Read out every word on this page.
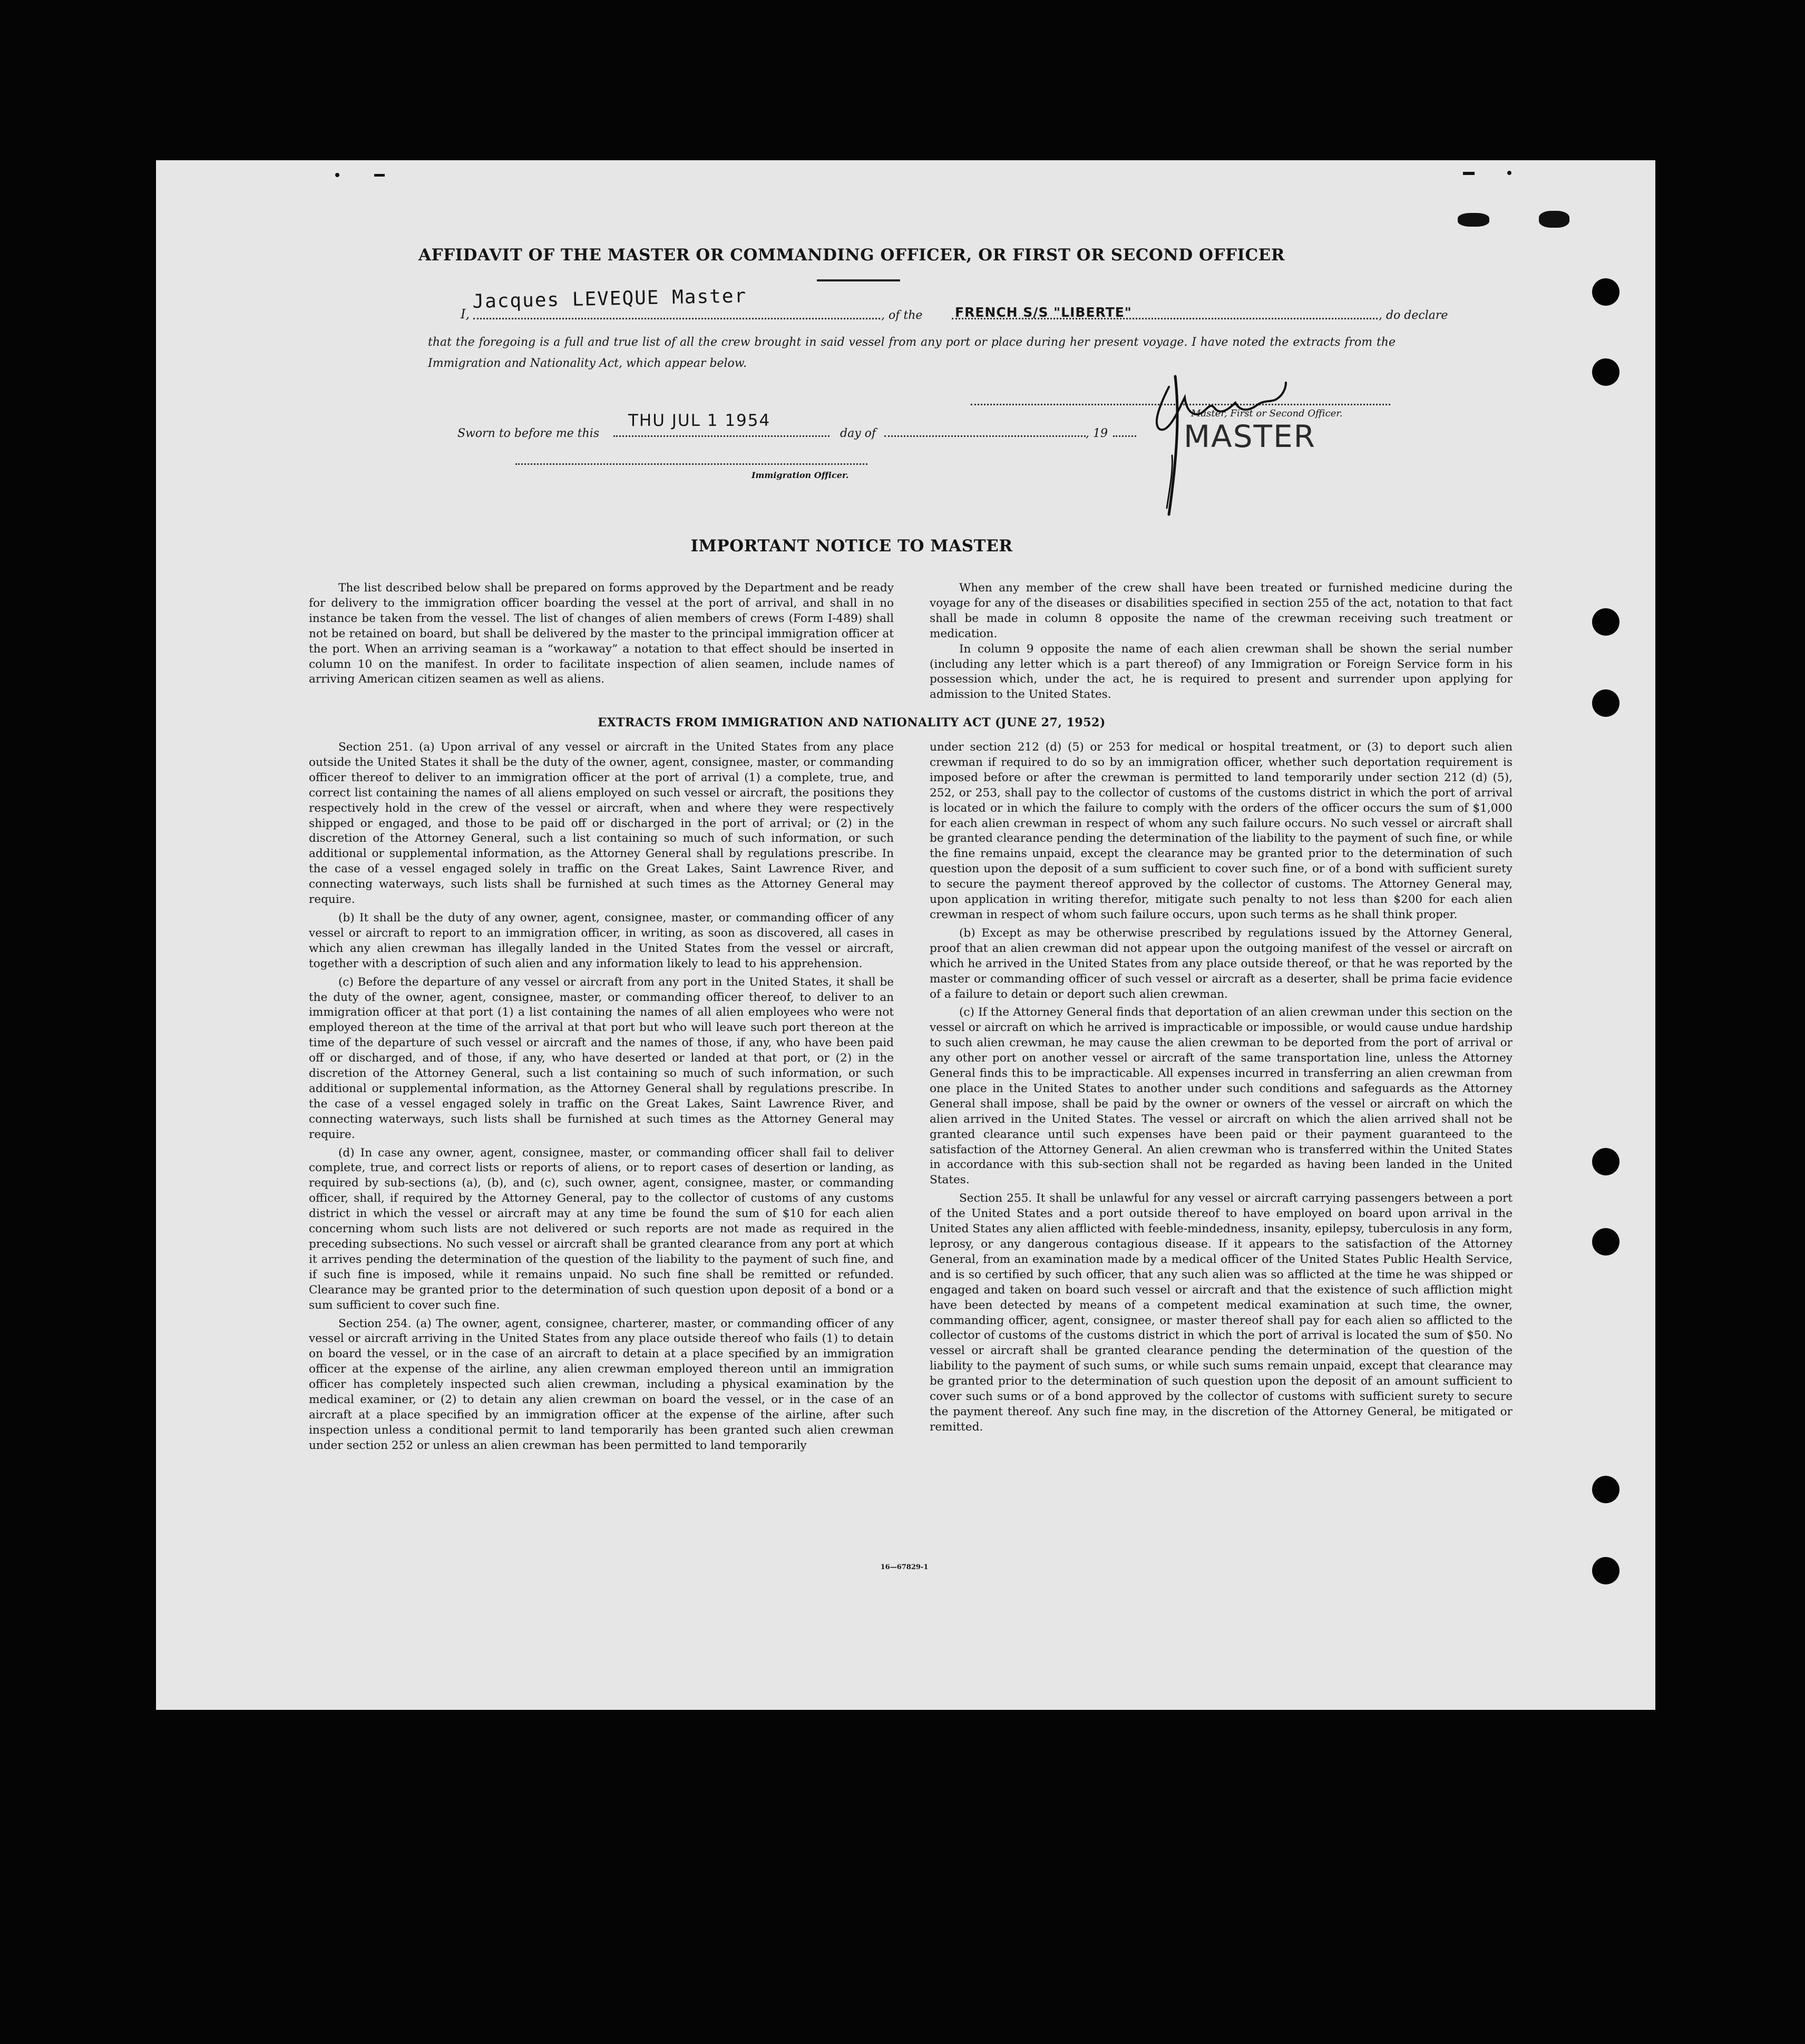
AFFIDAVIT OF THE MASTER OR COMMANDING OFFICER, OR FIRST OR SECOND OFFICER
I,
Jacques LEVEQUE Master
, of the FRENCH S/S "LIBERTE"	, do declare
that the foregoing is a full and true list of all the crew brought in said vessel from any port or place during her present voyage. I have noted the extracts from the Immigration and Nationality Act, which appear below.
Master, First or Second Officer.
MASTER
Sworn to before me this
THU JUL 1 1954
day of	, 19
Immigration Officer.
IMPORTANT NOTICE TO MASTER

The list described below shall be prepared on forms approved by the Department and be ready for delivery to the immigration officer boarding the vessel at the port of arrival, and shall in no instance be taken from the vessel. The list of changes of alien members of crews (Form I-489) shall not be retained on board, but shall be delivered by the master to the principal immigration officer at the port. When an arriving seaman is a “workaway” a notation to that effect should be inserted in column 10 on the manifest. In order to facilitate inspection of alien seamen, include names of arriving American citizen seamen as well as aliens.

When any member of the crew shall have been treated or furnished medicine during the voyage for any of the diseases or disabilities specified in section 255 of the act, notation to that fact shall be made in column 8 opposite the name of the crewman receiving such treatment or medication.

In column 9 opposite the name of each alien crewman shall be shown the serial number (including any letter which is a part thereof) of any Immigration or Foreign Service form in his possession which, under the act, he is required to present and surrender upon applying for admission to the United States.

EXTRACTS FROM IMMIGRATION AND NATIONALITY ACT (JUNE 27, 1952)

Section 251. (a) Upon arrival of any vessel or aircraft in the United States from any place outside the United States it shall be the duty of the owner, agent, consignee, master, or commanding officer thereof to deliver to an immigration officer at the port of arrival (1) a complete, true, and correct list containing the names of all aliens employed on such vessel or aircraft, the positions they respectively hold in the crew of the vessel or aircraft, when and where they were respectively shipped or engaged, and those to be paid off or discharged in the port of arrival; or (2) in the discretion of the Attorney General, such a list containing so much of such information, or such additional or supplemental information, as the Attorney General shall by regulations prescribe. In the case of a vessel engaged solely in traffic on the Great Lakes, Saint Lawrence River, and connecting waterways, such lists shall be furnished at such times as the Attorney General may require.

(b) It shall be the duty of any owner, agent, consignee, master, or commanding officer of any vessel or aircraft to report to an immigration officer, in writing, as soon as discovered, all cases in which any alien crewman has illegally landed in the United States from the vessel or aircraft, together with a description of such alien and any information likely to lead to his apprehension.

(c) Before the departure of any vessel or aircraft from any port in the United States, it shall be the duty of the owner, agent, consignee, master, or commanding officer thereof, to deliver to an immigration officer at that port (1) a list containing the names of all alien employees who were not employed thereon at the time of the arrival at that port but who will leave such port thereon at the time of the departure of such vessel or aircraft and the names of those, if any, who have been paid off or discharged, and of those, if any, who have deserted or landed at that port, or (2) in the discretion of the Attorney General, such a list containing so much of such information, or such additional or supplemental information, as the Attorney General shall by regulations prescribe. In the case of a vessel engaged solely in traffic on the Great Lakes, Saint Lawrence River, and connecting waterways, such lists shall be furnished at such times as the Attorney General may require.

(d) In case any owner, agent, consignee, master, or commanding officer shall fail to deliver complete, true, and correct lists or reports of aliens, or to report cases of desertion or landing, as required by sub-sections (a), (b), and (c), such owner, agent, consignee, master, or commanding officer, shall, if required by the Attorney General, pay to the collector of customs of any customs district in which the vessel or aircraft may at any time be found the sum of $10 for each alien concerning whom such lists are not delivered or such reports are not made as required in the preceding subsections. No such vessel or aircraft shall be granted clearance from any port at which it arrives pending the determination of the question of the liability to the payment of such fine, and if such fine is imposed, while it remains unpaid. No such fine shall be remitted or refunded. Clearance may be granted prior to the determination of such question upon deposit of a bond or a sum sufficient to cover such fine.

Section 254. (a) The owner, agent, consignee, charterer, master, or commanding officer of any vessel or aircraft arriving in the United States from any place outside thereof who fails (1) to detain on board the vessel, or in the case of an aircraft to detain at a place specified by an immigration officer at the expense of the airline, any alien crewman employed thereon until an immigration officer has completely inspected such alien crewman, including a physical examination by the medical examiner, or (2) to detain any alien crewman on board the vessel, or in the case of an aircraft at a place specified by an immigration officer at the expense of the airline, after such inspection unless a conditional permit to land temporarily has been granted such alien crewman under section 252 or unless an alien crewman has been permitted to land temporarily

under section 212 (d) (5) or 253 for medical or hospital treatment, or (3) to deport such alien crewman if required to do so by an immigration officer, whether such deportation requirement is imposed before or after the crewman is permitted to land temporarily under section 212 (d) (5), 252, or 253, shall pay to the collector of customs of the customs district in which the port of arrival is located or in which the failure to comply with the orders of the officer occurs the sum of $1,000 for each alien crewman in respect of whom any such failure occurs. No such vessel or aircraft shall be granted clearance pending the determination of the liability to the payment of such fine, or while the fine remains unpaid, except the clearance may be granted prior to the determination of such question upon the deposit of a sum sufficient to cover such fine, or of a bond with sufficient surety to secure the payment thereof approved by the collector of customs. The Attorney General may, upon application in writing therefor, mitigate such penalty to not less than $200 for each alien crewman in respect of whom such failure occurs, upon such terms as he shall think proper.

(b) Except as may be otherwise prescribed by regulations issued by the Attorney General, proof that an alien crewman did not appear upon the outgoing manifest of the vessel or aircraft on which he arrived in the United States from any place outside thereof, or that he was reported by the master or commanding officer of such vessel or aircraft as a deserter, shall be prima facie evidence of a failure to detain or deport such alien crewman.

(c) If the Attorney General finds that deportation of an alien crewman under this section on the vessel or aircraft on which he arrived is impracticable or impossible, or would cause undue hardship to such alien crewman, he may cause the alien crewman to be deported from the port of arrival or any other port on another vessel or aircraft of the same transportation line, unless the Attorney General finds this to be impracticable. All expenses incurred in transferring an alien crewman from one place in the United States to another under such conditions and safeguards as the Attorney General shall impose, shall be paid by the owner or owners of the vessel or aircraft on which the alien arrived in the United States. The vessel or aircraft on which the alien arrived shall not be granted clearance until such expenses have been paid or their payment guaranteed to the satisfaction of the Attorney General. An alien crewman who is transferred within the United States in accordance with this sub-section shall not be regarded as having been landed in the United States.

Section 255. It shall be unlawful for any vessel or aircraft carrying passengers between a port of the United States and a port outside thereof to have employed on board upon arrival in the United States any alien afflicted with feeble-mindedness, insanity, epilepsy, tuberculosis in any form, leprosy, or any dangerous contagious disease. If it appears to the satisfaction of the Attorney General, from an examination made by a medical officer of the United States Public Health Service, and is so certified by such officer, that any such alien was so afflicted at the time he was shipped or engaged and taken on board such vessel or aircraft and that the existence of such affliction might have been detected by means of a competent medical examination at such time, the owner, commanding officer, agent, consignee, or master thereof shall pay for each alien so afflicted to the collector of customs of the customs district in which the port of arrival is located the sum of $50. No vessel or aircraft shall be granted clearance pending the determination of the question of the liability to the payment of such sums, or while such sums remain unpaid, except that clearance may be granted prior to the determination of such question upon the deposit of an amount sufficient to cover such sums or of a bond approved by the collector of customs with sufficient surety to secure the payment thereof. Any such fine may, in the discretion of the Attorney General, be mitigated or remitted.

16—67829-1
